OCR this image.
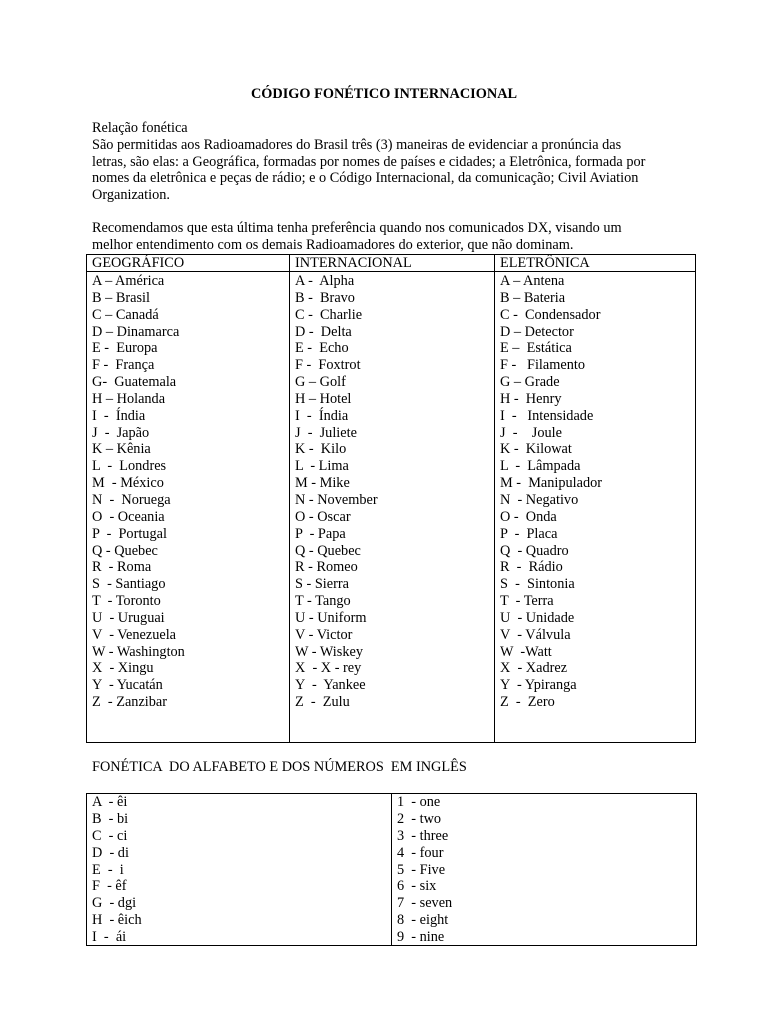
CÓDIGO FONÉTICO INTERNACIONAL
Relação fonética
São permitidas aos Radioamadores do Brasil três (3) maneiras de evidenciar a pronúncia das
letras, são elas: a Geográfica, formadas por nomes de países e cidades; a Eletrônica, formada por
nomes da eletrônica e peças de rádio; e o Código Internacional, da comunicação; Civil Aviation
Organization.
Recomendamos que esta última tenha preferência quando nos comunicados DX, visando um
melhor entendimento com os demais Radioamadores do exterior, que não dominam.
GEOGRÁFICO
A – América
B – Brasil
C – Canadá
D – Dinamarca
E -  Europa
F -  França
G-  Guatemala
H – Holanda
I  -  Índia
J  -  Japão
K – Kênia
L  -  Londres
M  - México
N  -  Noruega
O  - Oceania
P  -  Portugal
Q - Quebec
R  - Roma
S  - Santiago
T  - Toronto
U  - Uruguai
V  - Venezuela
W - Washington
X  - Xingu
Y  - Yucatán
Z  - Zanzibar
INTERNACIONAL
A -  Alpha
B -  Bravo
C -  Charlie
D -  Delta
E -  Echo
F -  Foxtrot
G – Golf
H – Hotel
I  -  Índia
J  -  Juliete
K -  Kilo
L  - Lima
M - Mike
N - November
O - Oscar
P  - Papa
Q - Quebec
R - Romeo
S - Sierra
T - Tango
U - Uniform
V - Victor
W - Wiskey
X  - X - rey
Y  -  Yankee
Z  -  Zulu
ELETRÔNICA
A – Antena
B – Bateria
C -  Condensador
D – Detector
E –  Estática
F -   Filamento
G – Grade
H -  Henry
I  -   Intensidade
J  -    Joule
K -  Kilowat
L  -  Lâmpada
M -  Manipulador
N  - Negativo
O -  Onda
P  -  Placa
Q  - Quadro
R  -  Rádio
S  -  Sintonia
T  - Terra
U  - Unidade
V  - Válvula
W  -Watt
X  - Xadrez
Y  - Ypiranga
Z  -  Zero
FONÉTICA  DO ALFABETO E DOS NÚMEROS  EM INGLÊS
A  - êi
B  - bi
C  - ci
D  - di
E  -  i
F  - êf
G  - dgi
H  - êich
I  -  ái
1  - one
2  - two
3  - three
4  - four
5  - Five
6  - six
7  - seven
8  - eight
9  - nine
